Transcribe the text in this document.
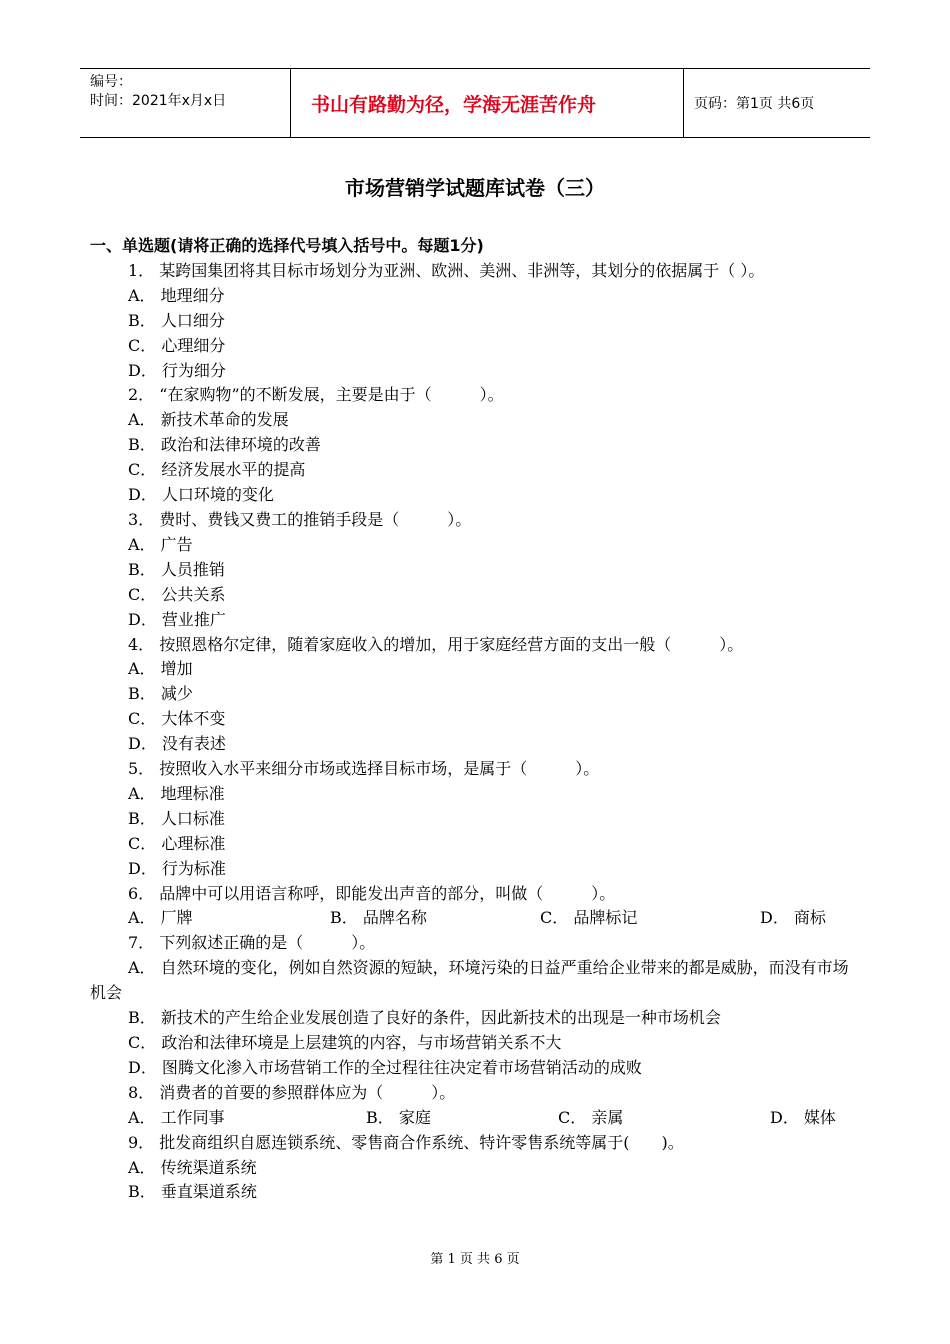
编号：
时间：2021年x月x日	书山有路勤为径，学海无涯苦作舟	页码：第1页 共6页
市场营销学试题库试卷（三）
一、单选题(请将正确的选择代号填入括号中。每题1分)
1． 某跨国集团将其目标市场划分为亚洲、欧洲、美洲、非洲等，其划分的依据属于（ ）。
A． 地理细分
B． 人口细分
C． 心理细分
D． 行为细分
2． “在家购物”的不断发展，主要是由于（　　　）。
A． 新技术革命的发展
B． 政治和法律环境的改善
C． 经济发展水平的提高
D． 人口环境的变化
3． 费时、费钱又费工的推销手段是（　　　）。
A． 广告
B． 人员推销
C． 公共关系
D． 营业推广
4． 按照恩格尔定律，随着家庭收入的增加，用于家庭经营方面的支出一般（　　　）。
A． 增加
B． 减少
C． 大体不变
D． 没有表述
5． 按照收入水平来细分市场或选择目标市场，是属于（　　　）。
A． 地理标准
B． 人口标准
C． 心理标准
D． 行为标准
6． 品牌中可以用语言称呼，即能发出声音的部分，叫做（　　　）。
A． 厂牌	B． 品牌名称	C． 品牌标记	D． 商标
7． 下列叙述正确的是（　　　）。
A． 自然环境的变化，例如自然资源的短缺，环境污染的日益严重给企业带来的都是威胁，而没有市场机会
B． 新技术的产生给企业发展创造了良好的条件，因此新技术的出现是一种市场机会
C． 政治和法律环境是上层建筑的内容，与市场营销关系不大
D． 图腾文化渗入市场营销工作的全过程往往决定着市场营销活动的成败
8． 消费者的首要的参照群体应为（　　　）。
A． 工作同事	B． 家庭	C． 亲属	D． 媒体
9． 批发商组织自愿连锁系统、零售商合作系统、特许零售系统等属于(　　)。
A． 传统渠道系统
B． 垂直渠道系统
第 1 页 共 6 页
